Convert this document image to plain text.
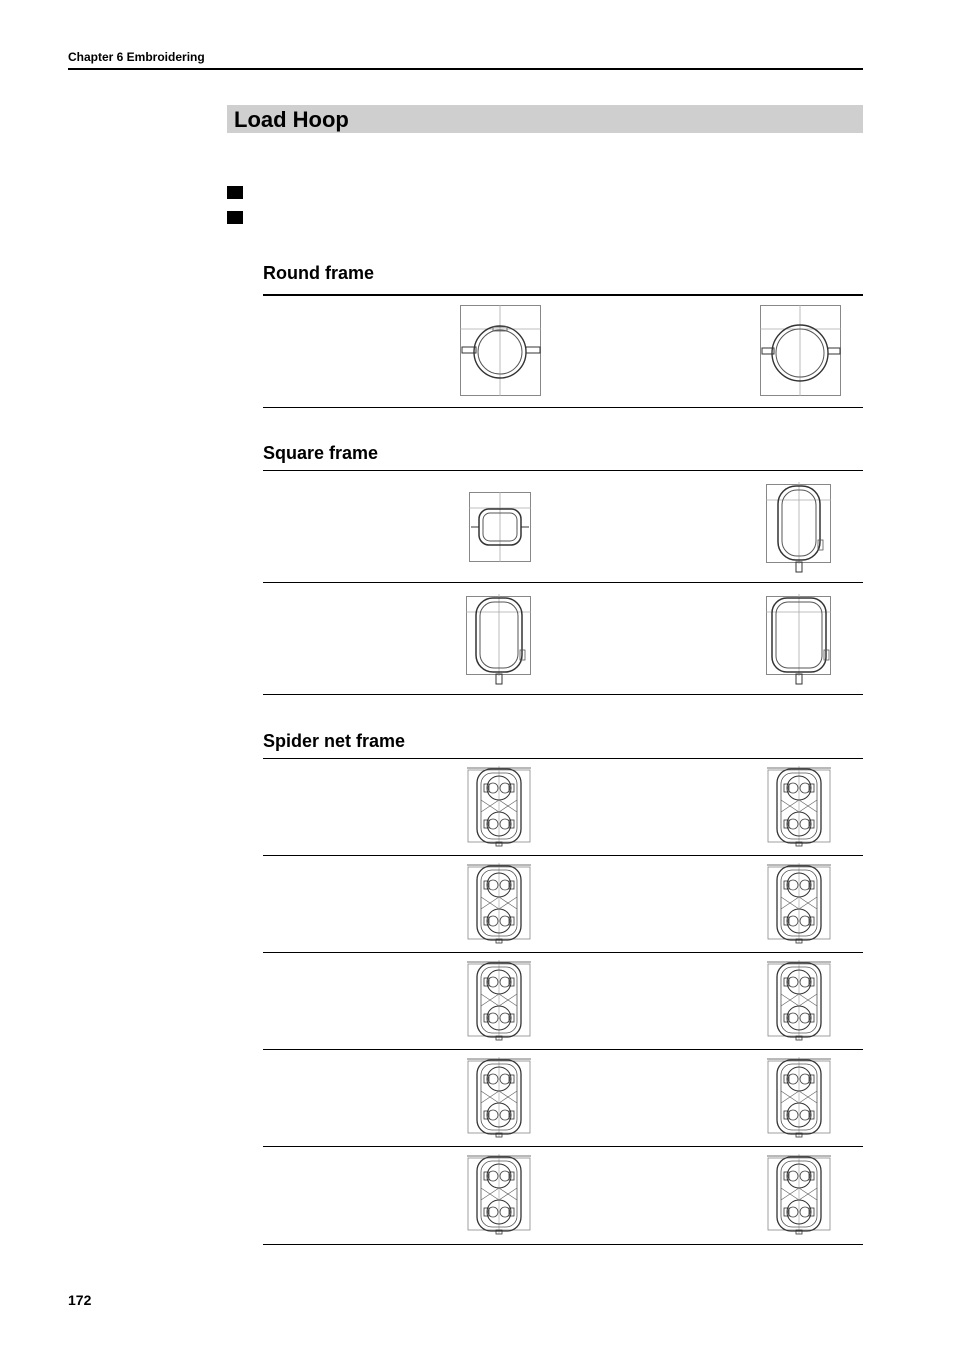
Chapter 6 Embroidering
Load Hoop
Round frame
Square frame
Spider net frame
172
